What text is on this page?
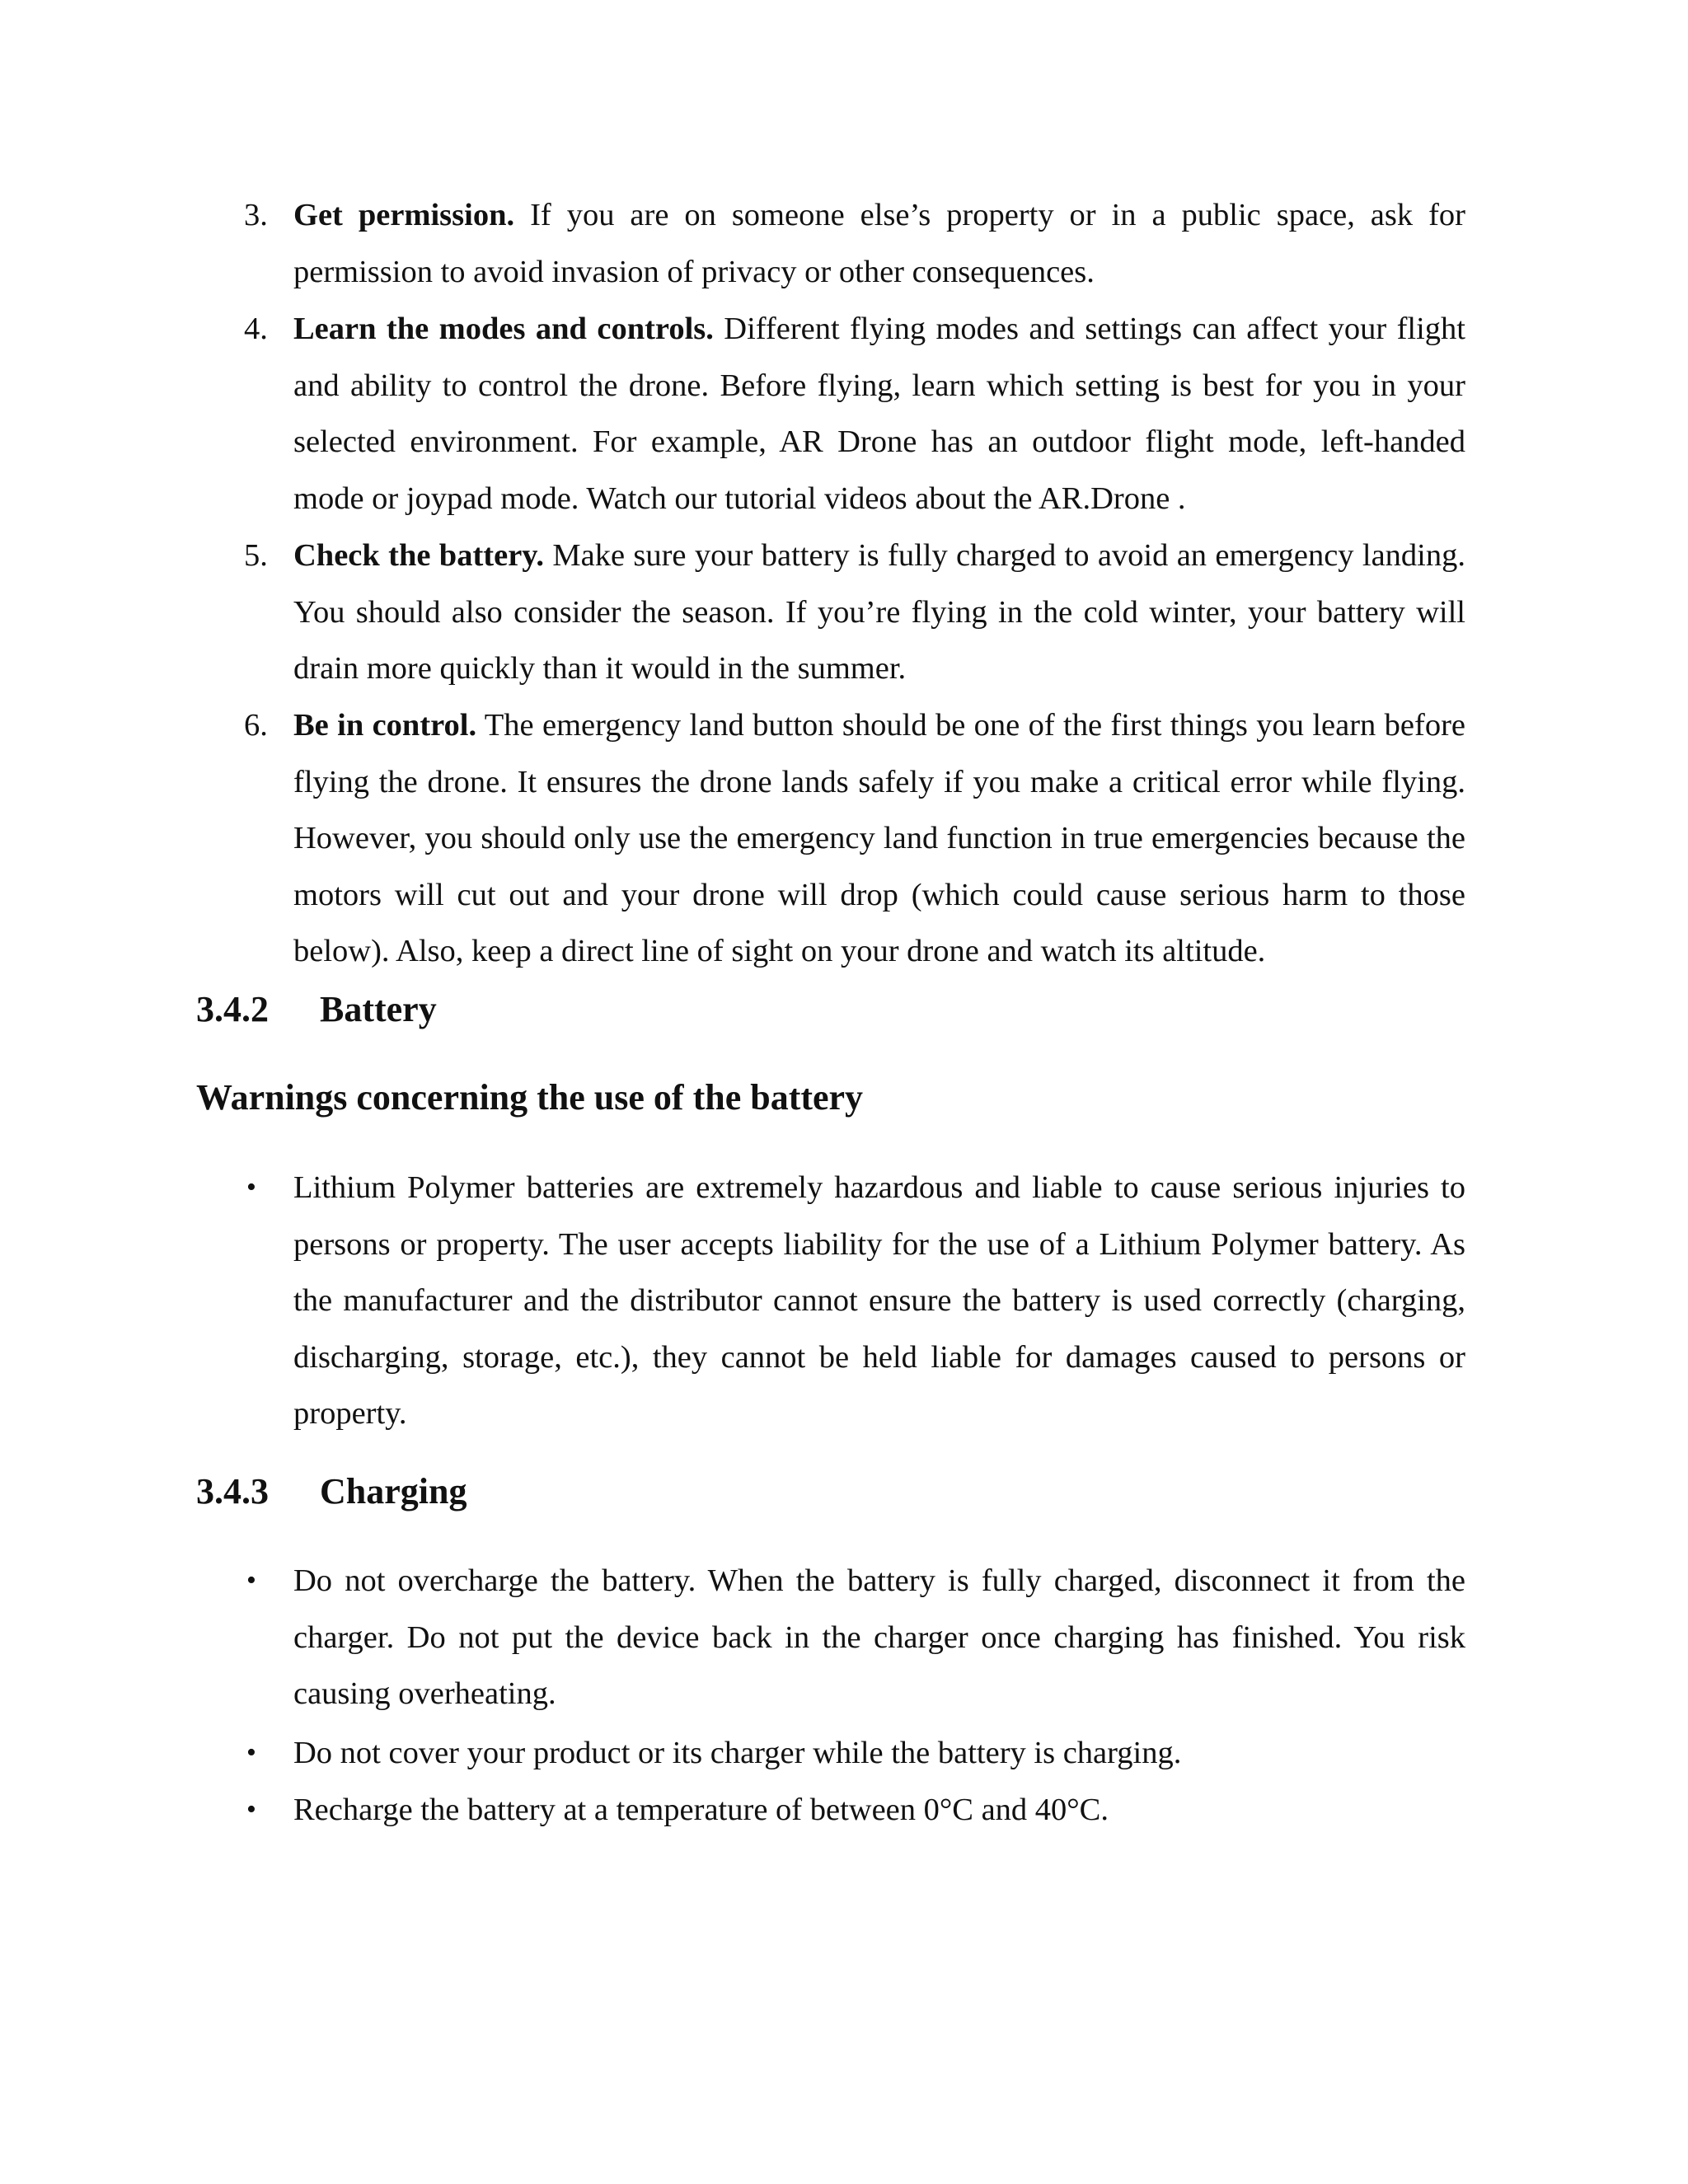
3. Get permission. If you are on someone else’s property or in a public space, ask for permission to avoid invasion of privacy or other consequences.
4. Learn the modes and controls. Different flying modes and settings can affect your flight and ability to control the drone. Before flying, learn which setting is best for you in your selected environment. For example, AR Drone has an outdoor flight mode, left-handed mode or joypad mode. Watch our tutorial videos about the AR.Drone .
5. Check the battery. Make sure your battery is fully charged to avoid an emergency landing. You should also consider the season. If you’re flying in the cold winter, your battery will drain more quickly than it would in the summer.
6. Be in control. The emergency land button should be one of the first things you learn before flying the drone. It ensures the drone lands safely if you make a critical error while flying. However, you should only use the emergency land function in true emergencies because the motors will cut out and your drone will drop (which could cause serious harm to those below). Also, keep a direct line of sight on your drone and watch its altitude.
3.4.2 Battery
Warnings concerning the use of the battery
•	Lithium Polymer batteries are extremely hazardous and liable to cause serious injuries to persons or property. The user accepts liability for the use of a Lithium Polymer battery. As the manufacturer and the distributor cannot ensure the battery is used correctly (charging, discharging, storage, etc.), they cannot be held liable for damages caused to persons or property.
3.4.3 Charging
•	Do not overcharge the battery. When the battery is fully charged, disconnect it from the charger. Do not put the device back in the charger once charging has finished. You risk causing overheating.
•	Do not cover your product or its charger while the battery is charging.
•	Recharge the battery at a temperature of between 0°C and 40°C.
